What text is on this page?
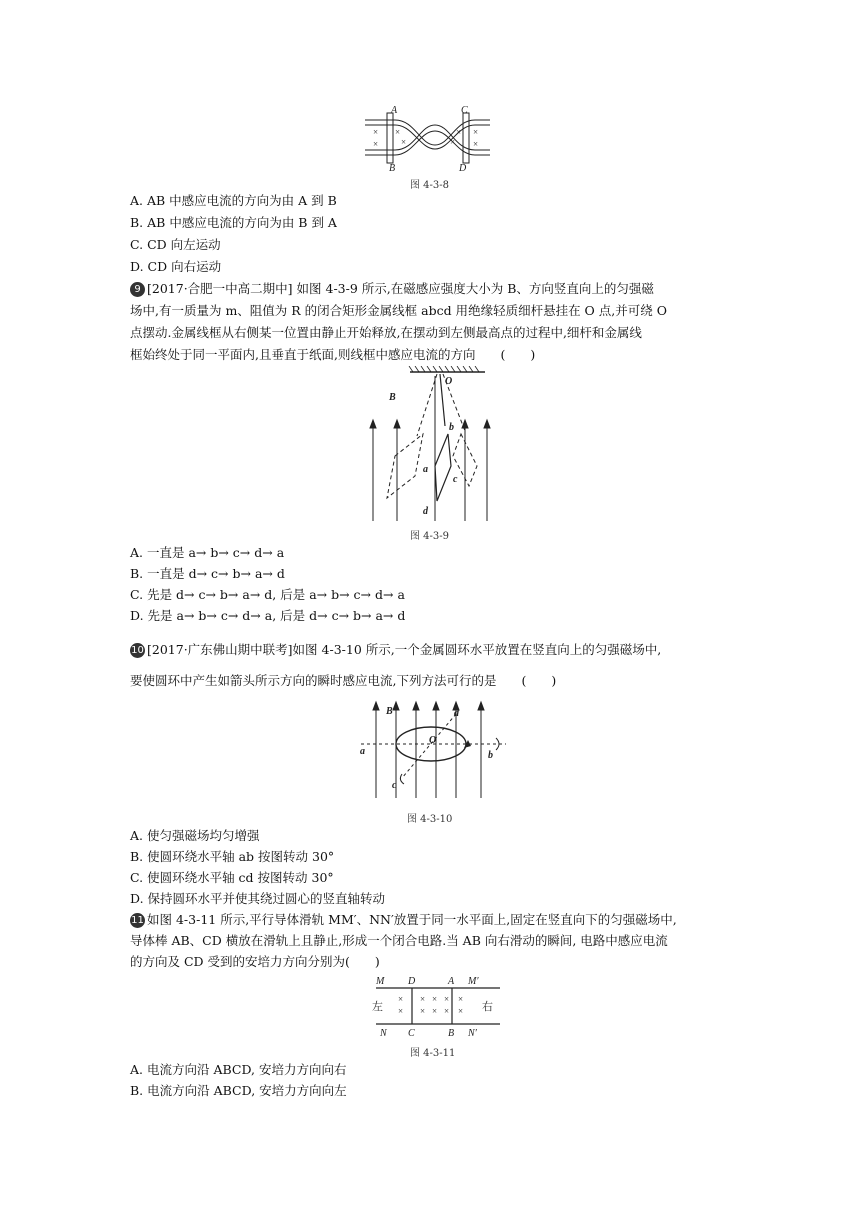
×
×
×
×	×
× ×
×
A
B
C
D
图 4-3-8
A. AB 中感应电流的方向为由 A 到 B
B. AB 中感应电流的方向为由 B 到 A
C. CD 向左运动
D. CD 向右运动
9 [2017·合肥一中高二期中] 如图 4-3-9 所示,在磁感应强度大小为 B、方向竖直向上的匀强磁
场中,有一质量为 m、阻值为 R 的闭合矩形金属线框 abcd 用绝缘轻质细杆悬挂在 O 点,并可绕 O
点摆动.金属线框从右侧某一位置由静止开始释放,在摆动到左侧最高点的过程中,细杆和金属线
框始终处于同一平面内,且垂直于纸面,则线框中感应电流的方向　　(　　)
O
B
a
b
c
d
图 4-3-9
A. 一直是 a→ b→ c→ d→ a
B. 一直是 d→ c→ b→ a→ d
C. 先是 d→ c→ b→ a→ d, 后是 a→ b→ c→ d→ a
D. 先是 a→ b→ c→ d→ a, 后是 d→ c→ b→ a→ d
10 [2017·广东佛山期中联考]如图 4-3-10 所示,一个金属圆环水平放置在竖直向上的匀强磁场中,
要使圆环中产生如箭头所示方向的瞬时感应电流,下列方法可行的是　　(　　)
B
O
a	b
c
d
图 4-3-10
A. 使匀强磁场均匀增强
B. 使圆环绕水平轴 ab 按图转动 30°
C. 使圆环绕水平轴 cd 按图转动 30°
D. 保持圆环水平并使其绕过圆心的竖直轴转动
11 如图 4-3-11 所示,平行导体滑轨 MM′、NN′放置于同一水平面上,固定在竖直向下的匀强磁场中,
导体棒 AB、CD 横放在滑轨上且静止,形成一个闭合电路.当 AB 向右滑动的瞬间, 电路中感应电流
的方向及 CD 受到的安培力方向分别为(　　)
×
×
×
×
×
×
×
×
×
×
M D	A M′
N C	B N′
左	右
图 4-3-11
A. 电流方向沿 ABCD, 安培力方向向右
B. 电流方向沿 ABCD, 安培力方向向左
